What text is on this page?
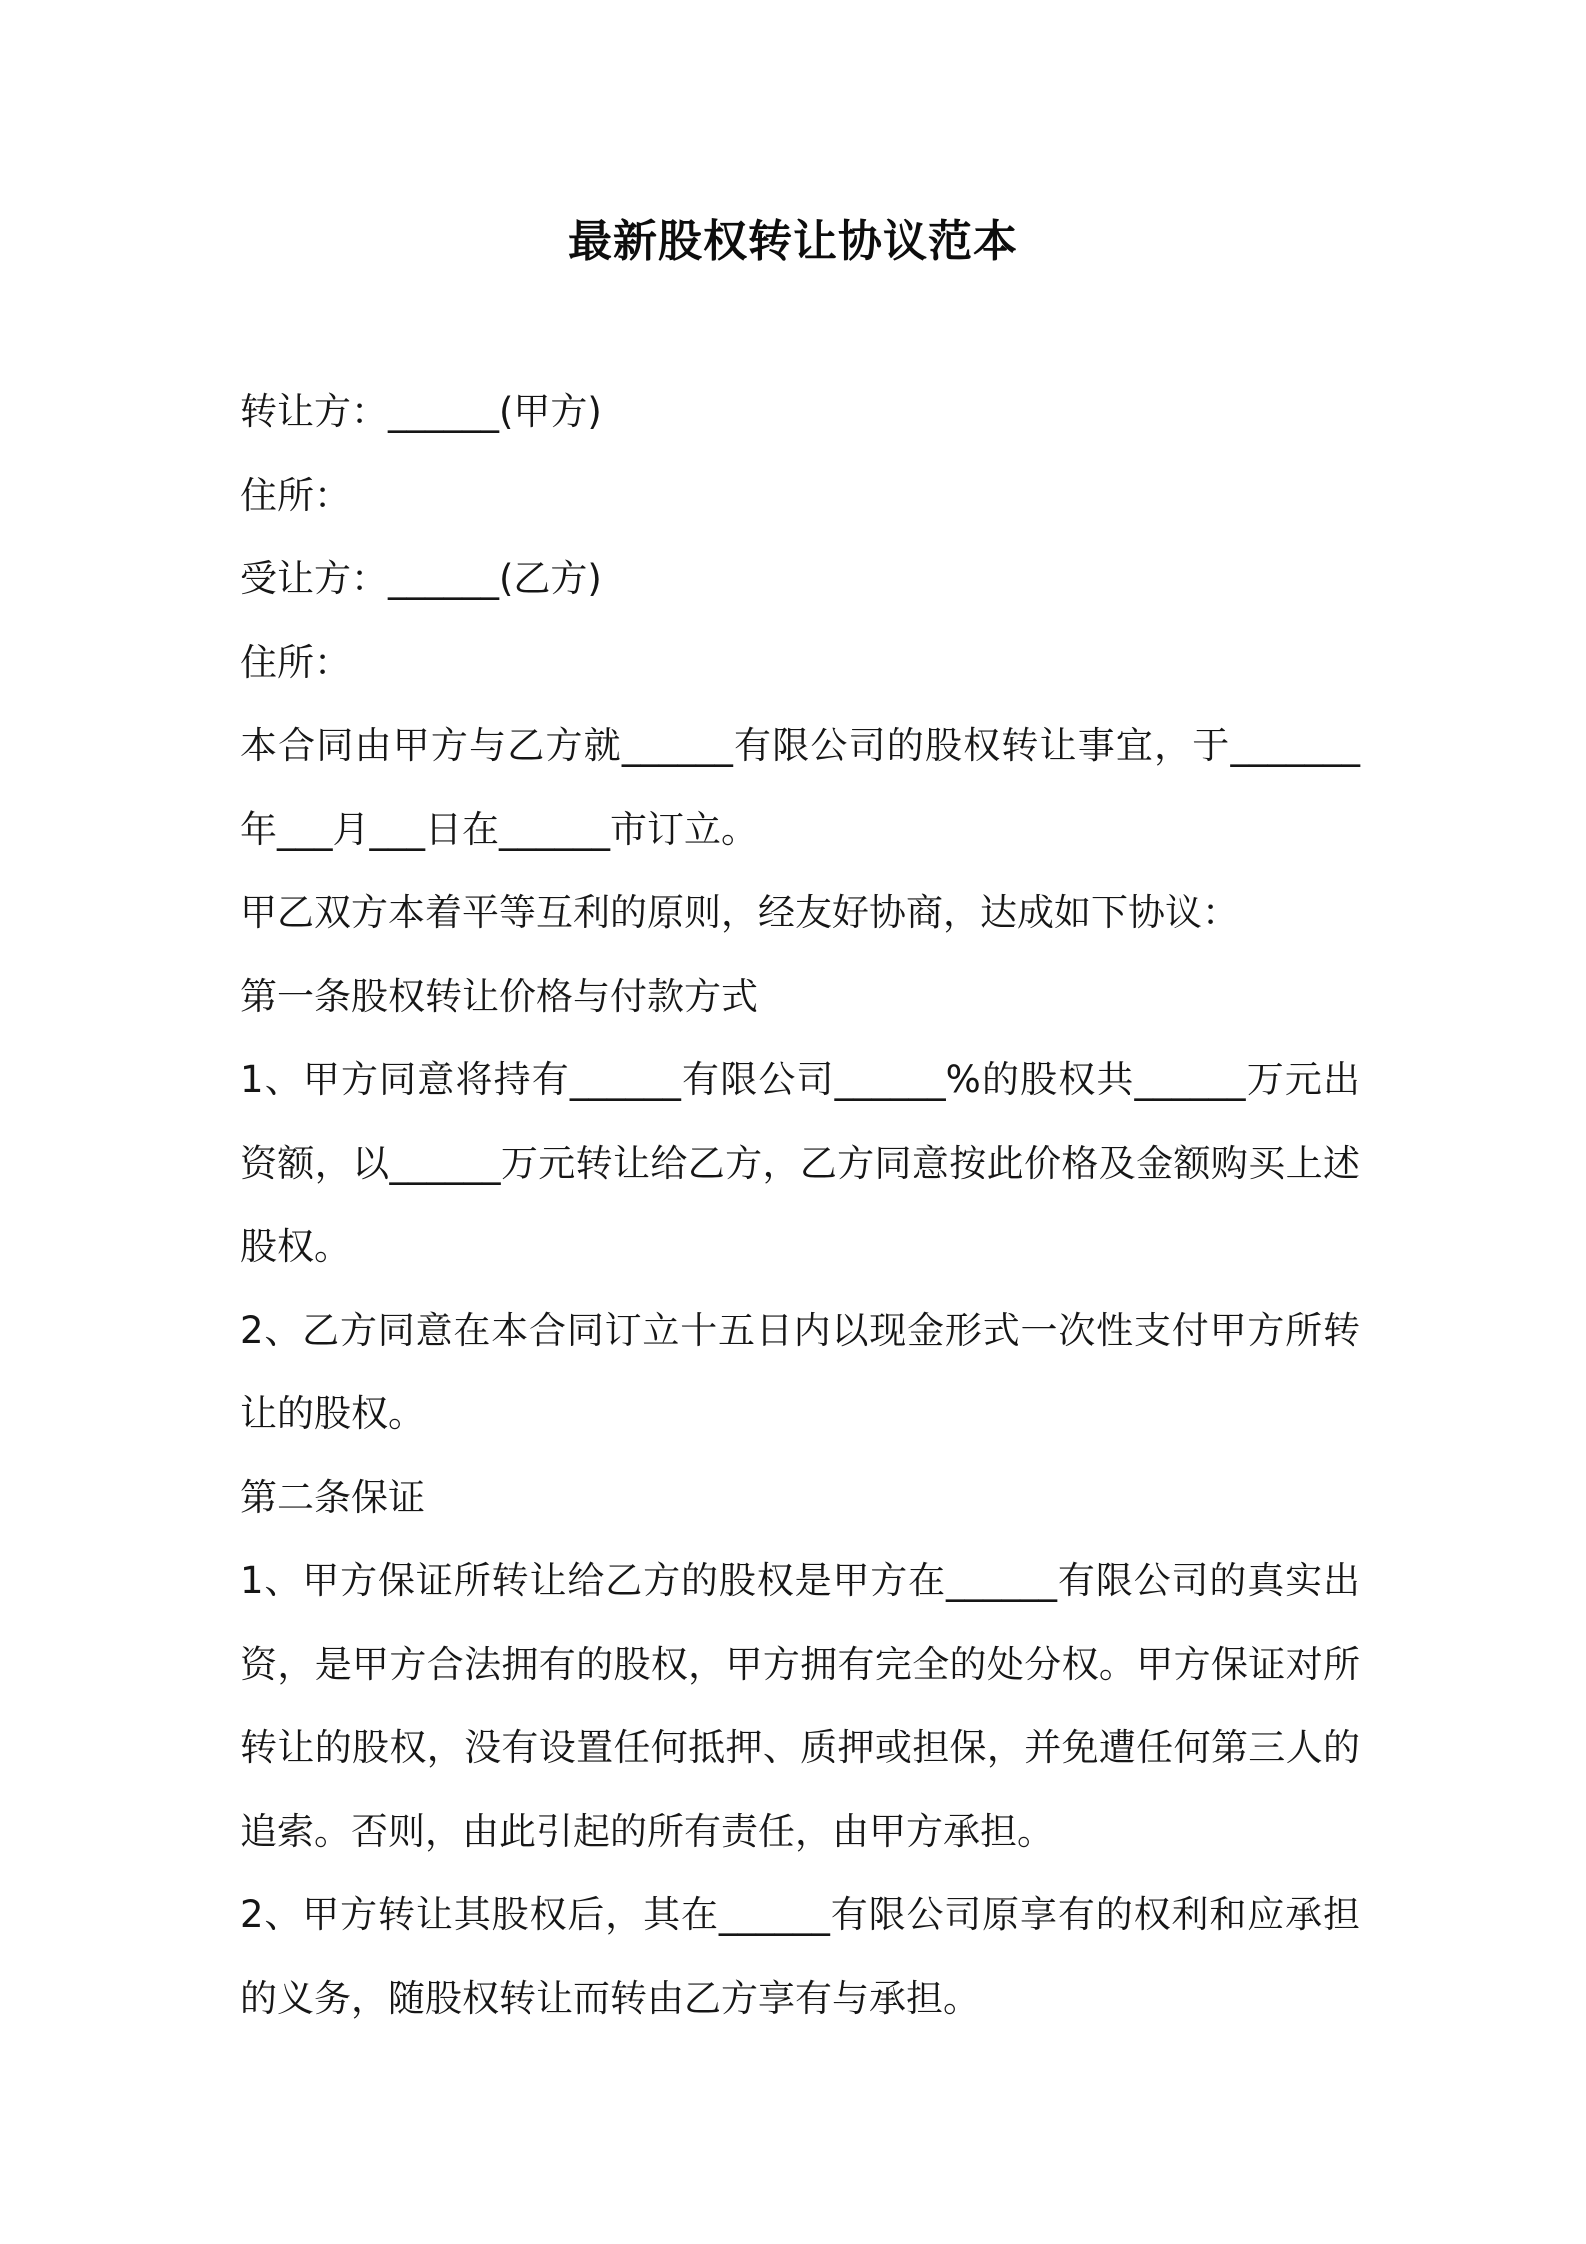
最新股权转让协议范本

转让方：______(甲方)

住所：

受让方：______(乙方)

住所：

本合同由甲方与乙方就______有限公司的股权转让事宜，于_______年___月___日在______市订立。

甲乙双方本着平等互利的原则，经友好协商，达成如下协议：

第一条股权转让价格与付款方式

1、甲方同意将持有______有限公司______%的股权共______万元出资额，以______万元转让给乙方，乙方同意按此价格及金额购买上述股权。

2、乙方同意在本合同订立十五日内以现金形式一次性支付甲方所转让的股权。

第二条保证

1、甲方保证所转让给乙方的股权是甲方在______有限公司的真实出资，是甲方合法拥有的股权，甲方拥有完全的处分权。甲方保证对所转让的股权，没有设置任何抵押、质押或担保，并免遭任何第三人的追索。否则，由此引起的所有责任，由甲方承担。

2、甲方转让其股权后，其在______有限公司原享有的权利和应承担的义务，随股权转让而转由乙方享有与承担。
